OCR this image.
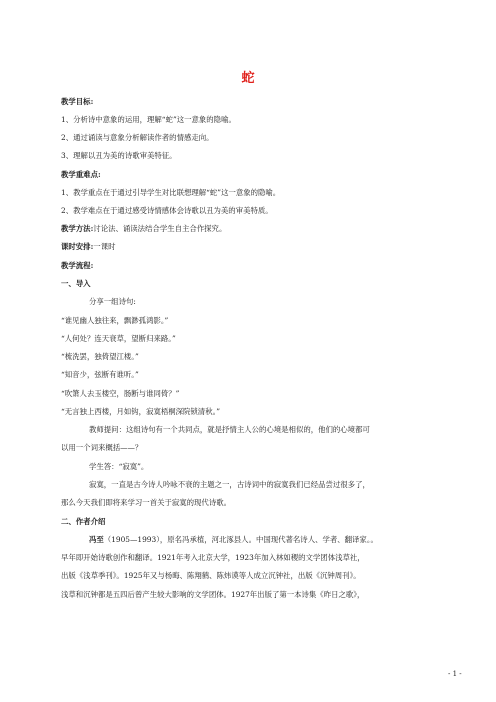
蛇
教学目标:
1、分析诗中意象的运用，理解“蛇”这一意象的隐喻。
2、通过诵读与意象分析解读作者的情感走向。
3、理解以丑为美的诗歌审美特征。
教学重难点:
1、教学重点在于通过引导学生对比联想理解“蛇”这一意象的隐喻。
2、教学难点在于通过感受诗情感体会诗歌以丑为美的审美特质。
教学方法:讨论法、诵读法结合学生自主合作探究。
课时安排:一课时
教学流程:
一、导入
分享一组诗句:
“谁见幽人独往来，飘渺孤鸿影。”
“人何处？连天衰草，望断归来路。”
“梳洗罢，独倚望江楼。”
“知音少，弦断有谁听。”
“吹箫人去玉楼空，肠断与谁同倚？”
“无言独上西楼，月如钩，寂寞梧桐深院锁清秋。”
教师提问：这组诗句有一个共同点，就是抒情主人公的心境是相似的，他们的心境都可
以用一个词来概括——？
学生答：“寂寞”。
寂寞，一直是古今诗人吟咏不衰的主题之一，古诗词中的寂寞我们已经品尝过很多了，
那么今天我们即将来学习一首关于寂寞的现代诗歌。
二、作者介绍
冯至（1905—1993），原名冯承植，河北涿县人。中国现代著名诗人、学者、翻译家。。
早年即开始诗歌创作和翻译。1921年考入北京大学，1923年加入林如稷的文学团体浅草社，
出版《浅草季刊》。1925年又与杨晦、陈翔鹤、陈炜谟等人成立沉钟社，出版《沉钟周刊》。
浅草和沉钟都是五四后曾产生较大影响的文学团体。1927年出版了第一本诗集《昨日之歌》，
- 1 -
